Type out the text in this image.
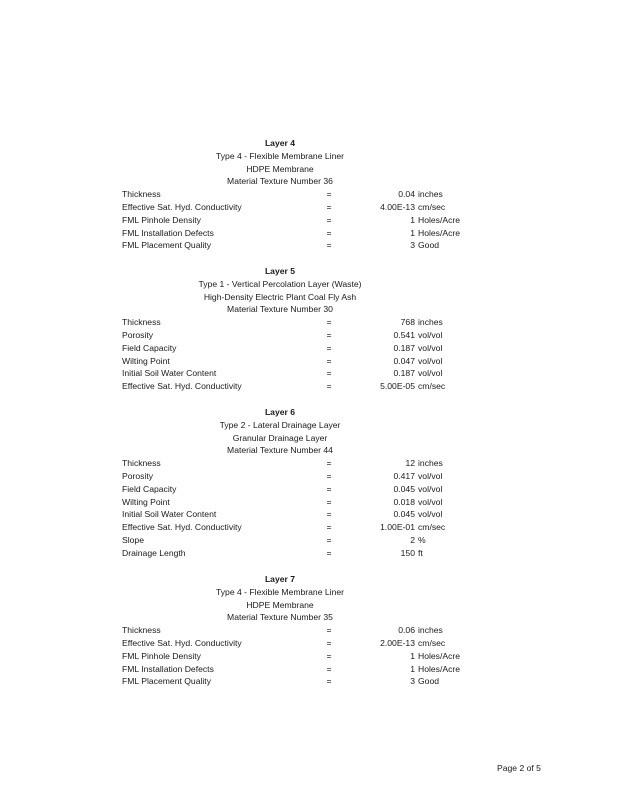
Layer 4
Type 4 - Flexible Membrane Liner
HDPE Membrane
Material Texture Number 36
Thickness	=	0.04 inches
Effective Sat. Hyd. Conductivity	=	4.00E-13 cm/sec
FML Pinhole Density	=	1 Holes/Acre
FML Installation Defects	=	1 Holes/Acre
FML Placement Quality	=	3 Good
Layer 5
Type 1 - Vertical Percolation Layer (Waste)
High-Density Electric Plant Coal Fly Ash
Material Texture Number 30
Thickness	=	768 inches
Porosity	=	0.541 vol/vol
Field Capacity	=	0.187 vol/vol
Wilting Point	=	0.047 vol/vol
Initial Soil Water Content	=	0.187 vol/vol
Effective Sat. Hyd. Conductivity	=	5.00E-05 cm/sec
Layer 6
Type 2 - Lateral Drainage Layer
Granular Drainage Layer
Material Texture Number 44
Thickness	=	12 inches
Porosity	=	0.417 vol/vol
Field Capacity	=	0.045 vol/vol
Wilting Point	=	0.018 vol/vol
Initial Soil Water Content	=	0.045 vol/vol
Effective Sat. Hyd. Conductivity	=	1.00E-01 cm/sec
Slope	=	2 %
Drainage Length	=	150 ft
Layer 7
Type 4 - Flexible Membrane Liner
HDPE Membrane
Material Texture Number 35
Thickness	=	0.06 inches
Effective Sat. Hyd. Conductivity	=	2.00E-13 cm/sec
FML Pinhole Density	=	1 Holes/Acre
FML Installation Defects	=	1 Holes/Acre
FML Placement Quality	=	3 Good
Page 2 of 5
